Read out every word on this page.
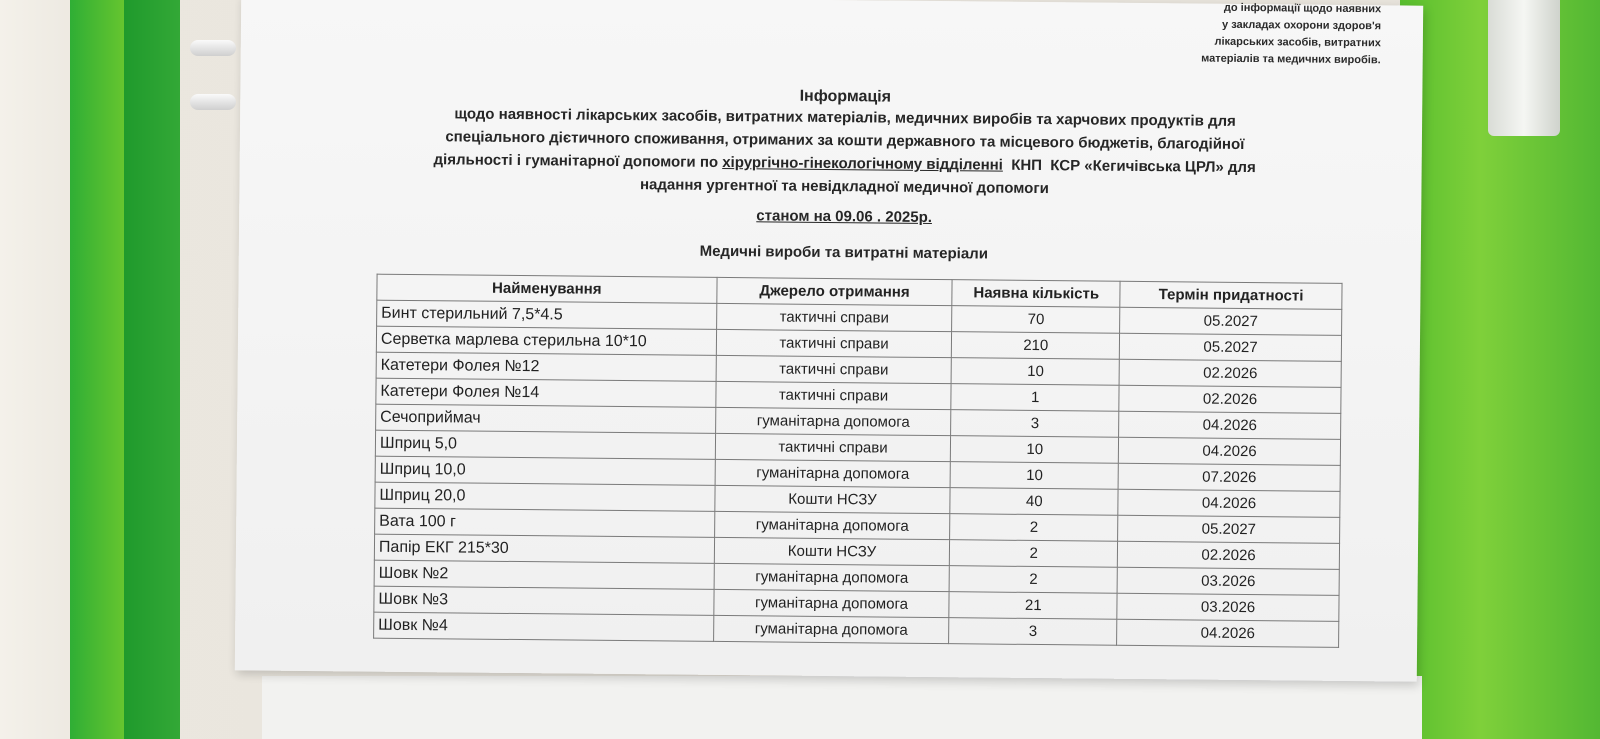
до інформації щодо наявних
у закладах охорони здоров'я
лікарських засобів, витратних
матеріалів та медичних виробів.
Інформація
щодо наявності лікарських засобів, витратних матеріалів, медичних виробів та харчових продуктів для
спеціального дієтичного споживання, отриманих за кошти державного та місцевого бюджетів, благодійної
діяльності і гуманітарної допомоги по хірургічно-гінекологічному відділенні  КНП  КСР «Кегичівська ЦРЛ» для
надання ургентної та невідкладної медичної допомоги
станом на 09.06 . 2025р.
Медичні вироби та витратні матеріали
Найменування	Джерело отримання	Наявна кількість	Термін придатності
Бинт стерильний 7,5*4.5	тактичні справи	70	05.2027
Серветка марлева стерильна 10*10	тактичні справи	210	05.2027
Катетери Фолея №12	тактичні справи	10	02.2026
Катетери Фолея №14	тактичні справи	1	02.2026
Сечоприймач	гуманітарна допомога	3	04.2026
Шприц 5,0	тактичні справи	10	04.2026
Шприц 10,0	гуманітарна допомога	10	07.2026
Шприц 20,0	Кошти НСЗУ	40	04.2026
Вата 100 г	гуманітарна допомога	2	05.2027
Папір ЕКГ 215*30	Кошти НСЗУ	2	02.2026
Шовк №2	гуманітарна допомога	2	03.2026
Шовк №3	гуманітарна допомога	21	03.2026
Шовк №4	гуманітарна допомога	3	04.2026
